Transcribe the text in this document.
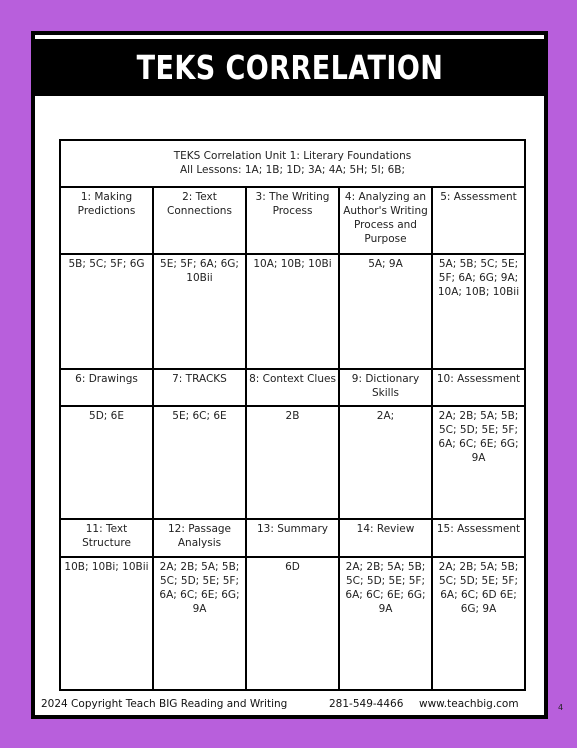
TEKS CORRELATION
TEKS Correlation Unit 1: Literary Foundations
All Lessons: 1A; 1B; 1D; 3A; 4A; 5H; 5I; 6B;				

1: Making Predictions	2: Text Connections	3: The Writing Process	4: Analyzing an Author's Writing Process and Purpose	5: Assessment
5B; 5C; 5F; 6G	5E; 5F; 6A; 6G; 10Bii	10A; 10B; 10Bi	5A; 9A	5A; 5B; 5C; 5E; 5F; 6A; 6G; 9A; 10A; 10B; 10Bii
6: Drawings	7: TRACKS	8: Context Clues	9: Dictionary Skills	10: Assessment
5D; 6E	5E; 6C; 6E	2B	2A;	2A; 2B; 5A; 5B; 5C; 5D; 5E; 5F; 6A; 6C; 6E; 6G; 9A
11: Text Structure	12: Passage Analysis	13: Summary	14: Review	15: Assessment
10B; 10Bi; 10Bii	2A; 2B; 5A; 5B; 5C; 5D; 5E; 5F; 6A; 6C; 6E; 6G; 9A	6D	2A; 2B; 5A; 5B; 5C; 5D; 5E; 5F; 6A; 6C; 6E; 6G; 9A	2A; 2B; 5A; 5B; 5C; 5D; 5E; 5F; 6A; 6C; 6D 6E; 6G; 9A
2024 Copyright Teach BIG Reading and Writing	281-549-4466 www.teachbig.com	4
